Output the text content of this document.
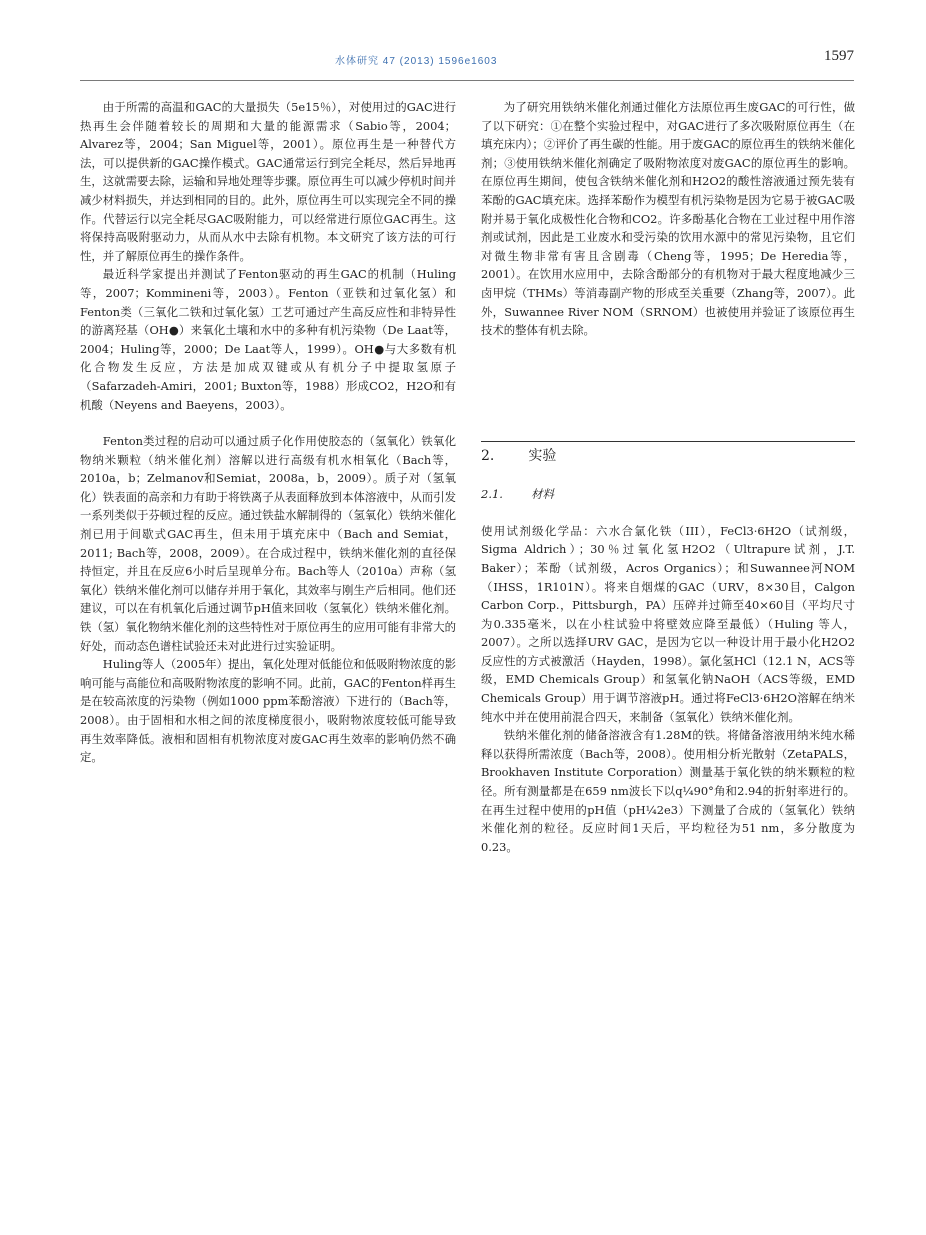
水体研究 47 (2013) 1596e1603	1597

由于所需的高温和GAC的大量损失（5e15％），对使用过的GAC进行热再生会伴随着较长的周期和大量的能源需求（Sabio等，2004；Alvarez等，2004；San Miguel等，2001）。原位再生是一种替代方法，可以提供新的GAC操作模式。GAC通常运行到完全耗尽，然后异地再生，这就需要去除，运输和异地处理等步骤。原位再生可以减少停机时间并减少材料损失，并达到相同的目的。此外，原位再生可以实现完全不同的操作。代替运行以完全耗尽GAC吸附能力，可以经常进行原位GAC再生。这将保持高吸附驱动力，从而从水中去除有机物。本文研究了该方法的可行性，并了解原位再生的操作条件。

最近科学家提出并测试了Fenton驱动的再生GAC的机制（Huling等，2007；Kommineni等，2003）。Fenton（亚铁和过氧化氢）和Fenton类（三氧化二铁和过氧化氢）工艺可通过产生高反应性和非特异性的游离羟基（OH●）来氧化土壤和水中的多种有机污染物（De Laat等，2004；Huling等，2000；De Laat等人，1999）。OH●与大多数有机化合物发生反应，方法是加成双键或从有机分子中提取氢原子（Safarzadeh-Amiri，2001; Buxton等，1988）形成CO2，H2O和有机酸（Neyens and Baeyens，2003）。

Fenton类过程的启动可以通过质子化作用使胶态的（氢氧化）铁氧化物纳米颗粒（纳米催化剂）溶解以进行高级有机水相氧化（Bach等，2010a，b；Zelmanov和Semiat，2008a，b，2009）。质子对（氢氧化）铁表面的高亲和力有助于将铁离子从表面释放到本体溶液中，从而引发一系列类似于芬顿过程的反应。通过铁盐水解制得的（氢氧化）铁纳米催化剂已用于间歇式GAC再生，但未用于填充床中（Bach and Semiat，2011; Bach等，2008，2009）。在合成过程中，铁纳米催化剂的直径保持恒定，并且在反应6小时后呈现单分布。Bach等人（2010a）声称（氢氧化）铁纳米催化剂可以储存并用于氧化，其效率与刚生产后相同。他们还建议，可以在有机氧化后通过调节pH值来回收（氢氧化）铁纳米催化剂。铁（氢）氧化物纳米催化剂的这些特性对于原位再生的应用可能有非常大的好处，而动态色谱柱试验还未对此进行过实验证明。

Huling等人（2005年）提出，氧化处理对低能位和低吸附物浓度的影响可能与高能位和高吸附物浓度的影响不同。此前，GAC的Fenton样再生是在较高浓度的污染物（例如1000 ppm苯酚溶液）下进行的（Bach等，2008）。由于固相和水相之间的浓度梯度很小，吸附物浓度较低可能导致再生效率降低。液相和固相有机物浓度对废GAC再生效率的影响仍然不确定。

为了研究用铁纳米催化剂通过催化方法原位再生废GAC的可行性，做了以下研究：①在整个实验过程中，对GAC进行了多次吸附原位再生（在填充床内）；②评价了再生碳的性能。用于废GAC的原位再生的铁纳米催化剂；③使用铁纳米催化剂确定了吸附物浓度对废GAC的原位再生的影响。在原位再生期间，使包含铁纳米催化剂和H2O2的酸性溶液通过预先装有苯酚的GAC填充床。选择苯酚作为模型有机污染物是因为它易于被GAC吸附并易于氧化成极性化合物和CO2。许多酚基化合物在工业过程中用作溶剂或试剂，因此是工业废水和受污染的饮用水源中的常见污染物，且它们对微生物非常有害且含剧毒（Cheng等，1995；De Heredia等，2001）。在饮用水应用中，去除含酚部分的有机物对于最大程度地减少三卤甲烷（THMs）等消毒副产物的形成至关重要（Zhang等，2007）。此外，Suwannee River NOM（SRNOM）也被使用并验证了该原位再生技术的整体有机去除。

2. 实验
2.1. 材料

使用试剂级化学品：六水合氯化铁（III），FeCl3·6H2O（试剂级，Sigma Aldrich）；30％过氧化氢H2O2（Ultrapure试剂，J.T. Baker）；苯酚（试剂级，Acros Organics）；和Suwannee河NOM（IHSS，1R101N）。将来自烟煤的GAC（URV，8×30目，Calgon Carbon Corp.，Pittsburgh，PA）压碎并过筛至40×60目（平均尺寸为0.335毫米，以在小柱试验中将壁效应降至最低）（Huling 等人，2007）。之所以选择URV GAC，是因为它以一种设计用于最小化H2O2反应性的方式被激活（Hayden，1998）。氯化氢HCl（12.1 N，ACS等级，EMD Chemicals Group）和氢氧化钠NaOH（ACS等级，EMD Chemicals Group）用于调节溶液pH。通过将FeCl3·6H2O溶解在纳米纯水中并在使用前混合四天，来制备（氢氧化）铁纳米催化剂。

铁纳米催化剂的储备溶液含有1.28M的铁。将储备溶液用纳米纯水稀释以获得所需浓度（Bach等，2008）。使用相分析光散射（ZetaPALS，Brookhaven Institute Corporation）测量基于氧化铁的纳米颗粒的粒径。所有测量都是在659 nm波长下以q¼90°角和2.94的折射率进行的。在再生过程中使用的pH值（pH¼2e3）下测量了合成的（氢氧化）铁纳米催化剂的粒径。反应时间1天后，平均粒径为51 nm，多分散度为0.23。
